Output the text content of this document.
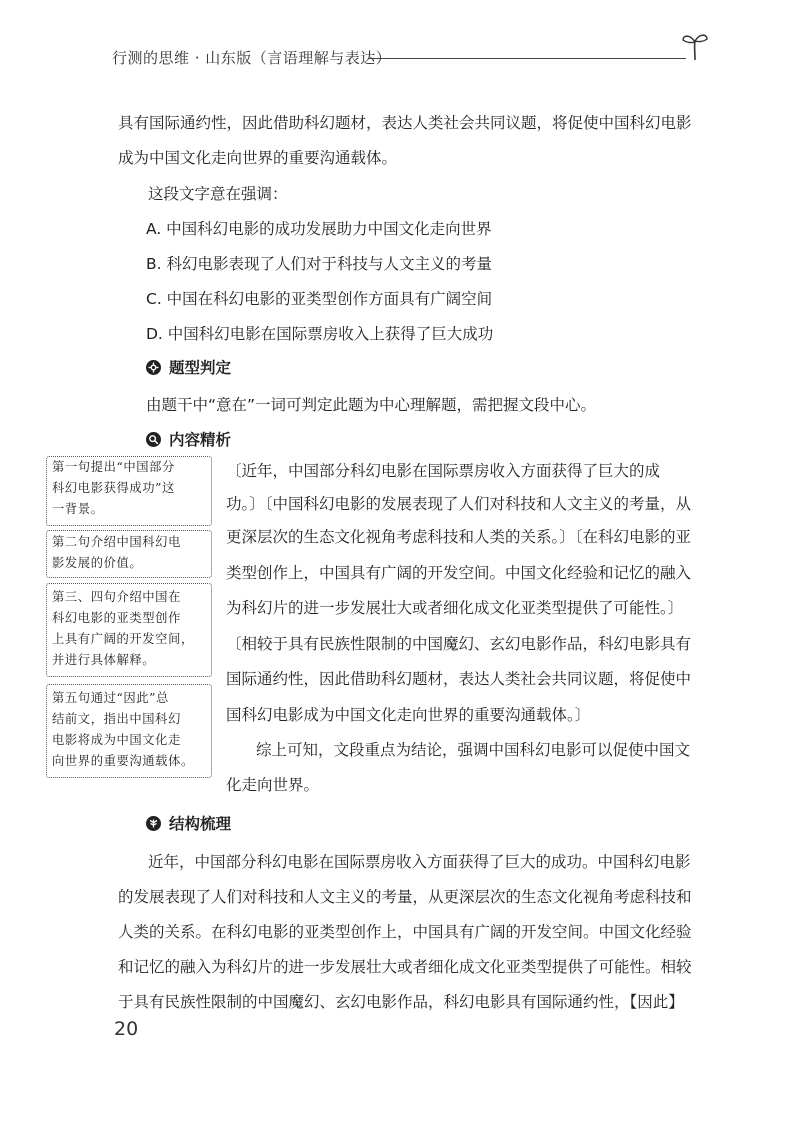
行测的思维 · 山东版（言语理解与表达）
具有国际通约性，因此借助科幻题材，表达人类社会共同议题，将促使中国科幻电影
成为中国文化走向世界的重要沟通载体。
这段文字意在强调：
A. 中国科幻电影的成功发展助力中国文化走向世界
B. 科幻电影表现了人们对于科技与人文主义的考量
C. 中国在科幻电影的亚类型创作方面具有广阔空间
D. 中国科幻电影在国际票房收入上获得了巨大成功
题型判定
由题干中“意在”一词可判定此题为中心理解题，需把握文段中心。
内容精析
第一句提出“中国部分
科幻电影获得成功”这
一背景。
第二句介绍中国科幻电
影发展的价值。
第三、四句介绍中国在
科幻电影的亚类型创作
上具有广阔的开发空间，
并进行具体解释。
第五句通过“因此”总
结前文，指出中国科幻
电影将成为中国文化走
向世界的重要沟通载体。
〔近年，中国部分科幻电影在国际票房收入方面获得了巨大的成
功。〕〔中国科幻电影的发展表现了人们对科技和人文主义的考量，从
更深层次的生态文化视角考虑科技和人类的关系。〕〔在科幻电影的亚
类型创作上，中国具有广阔的开发空间。中国文化经验和记忆的融入
为科幻片的进一步发展壮大或者细化成文化亚类型提供了可能性。〕
〔相较于具有民族性限制的中国魔幻、玄幻电影作品，科幻电影具有
国际通约性，因此借助科幻题材，表达人类社会共同议题，将促使中
国科幻电影成为中国文化走向世界的重要沟通载体。〕
综上可知，文段重点为结论，强调中国科幻电影可以促使中国文
化走向世界。
结构梳理
近年，中国部分科幻电影在国际票房收入方面获得了巨大的成功。中国科幻电影
的发展表现了人们对科技和人文主义的考量，从更深层次的生态文化视角考虑科技和
人类的关系。在科幻电影的亚类型创作上，中国具有广阔的开发空间。中国文化经验
和记忆的融入为科幻片的进一步发展壮大或者细化成文化亚类型提供了可能性。相较
于具有民族性限制的中国魔幻、玄幻电影作品，科幻电影具有国际通约性，【因此】
20
